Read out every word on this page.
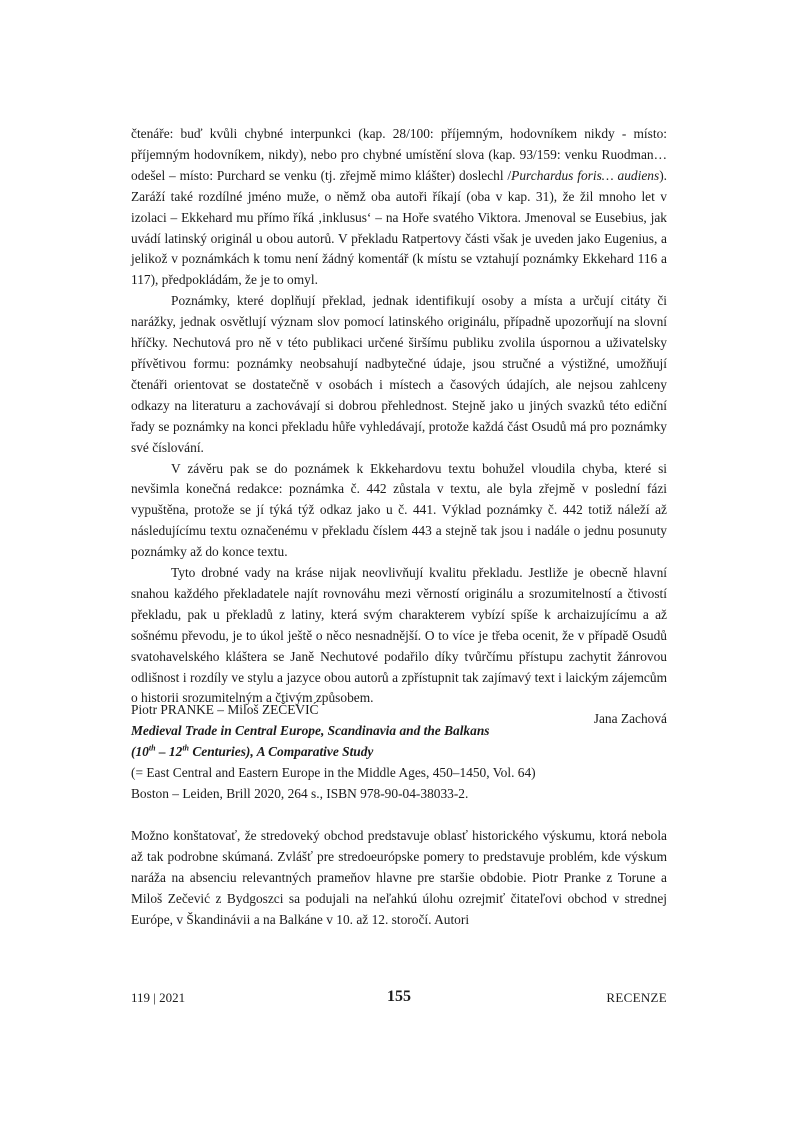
čtenáře: buď kvůli chybné interpunkci (kap. 28/100: příjemným, hodovníkem nikdy ‑ místo: příjemným hodovníkem, nikdy), nebo pro chybné umístění slova (kap. 93/159: venku Ruodman… odešel – místo: Purchard se venku (tj. zřejmě mimo klášter) doslechl /Purchardus foris… audiens). Zaráží také rozdílné jméno muže, o němž oba autoři říkají (oba v kap. 31), že žil mnoho let v izolaci – Ekkehard mu přímo říká ‚inklusus‘ – na Hoře svatého Viktora. Jmenoval se Eusebius, jak uvádí latinský originál u obou autorů. V překladu Ratpertovy části však je uveden jako Eugenius, a jelikož v poznámkách k tomu není žádný komentář (k místu se vztahují poznámky Ekkehard 116 a 117), předpokládám, že je to omyl.

Poznámky, které doplňují překlad, jednak identifikují osoby a místa a určují citáty či narážky, jednak osvětlují význam slov pomocí latinského originálu, případně upozorňují na slovní hříčky. Nechutová pro ně v této publikaci určené širšímu publiku zvolila úspornou a uživatelsky přívětivou formu: poznámky neobsahují nadbytečné údaje, jsou stručné a výstižné, umožňují čtenáři orientovat se dostatečně v osobách i místech a časových údajích, ale nejsou zahlceny odkazy na literaturu a zachovávají si dobrou přehlednost. Stejně jako u jiných svazků této ediční řady se poznámky na konci překladu hůře vyhledávají, protože každá část Osudů má pro poznámky své číslování.

V závěru pak se do poznámek k Ekkehardovu textu bohužel vloudila chyba, které si nevšimla konečná redakce: poznámka č. 442 zůstala v textu, ale byla zřejmě v poslední fázi vypuštěna, protože se jí týká týž odkaz jako u č. 441. Výklad poznámky č. 442 totiž náleží až následujícímu textu označenému v překladu číslem 443 a stejně tak jsou i nadále o jednu posunuty poznámky až do konce textu.

Tyto drobné vady na kráse nijak neovlivňují kvalitu překladu. Jestliže je obecně hlavní snahou každého překladatele najít rovnováhu mezi věrností originálu a srozumitelností a čtivostí překladu, pak u překladů z latiny, která svým charakterem vybízí spíše k archaizujícímu a až sošnému převodu, je to úkol ještě o něco nesnadnější. O to více je třeba ocenit, že v případě Osudů svatohavelského kláštera se Janě Nechutové podařilo díky tvůrčímu přístupu zachytit žánrovou odlišnost i rozdíly ve stylu a jazyce obou autorů a zpřístupnit tak zajímavý text i laickým zájemcům o historii srozumitelným a čtivým způsobem.

Jana Zachová

Piotr PRANKE – Miloš ZEČEVIĆ
Medieval Trade in Central Europe, Scandinavia and the Balkans
(10th – 12th Centuries), A Comparative Study
(= East Central and Eastern Europe in the Middle Ages, 450–1450, Vol. 64)
Boston – Leiden, Brill 2020, 264 s., ISBN 978-90-04-38033-2.

Možno konštatovať, že stredoveký obchod predstavuje oblasť historického výskumu, ktorá nebola až tak podrobne skúmaná. Zvlášť pre stredoeurópske pomery to predstavuje problém, kde výskum naráža na absenciu relevantných prameňov hlavne pre staršie obdobie. Piotr Pranke z Torune a Miloš Zečević z Bydgoszci sa podujali na neľahkú úlohu ozrejmiť čitateľovi obchod v strednej Európe, v Škandinávii a na Balkáne v 10. až 12. storočí. Autori

119 | 2021	155	RECENZE
